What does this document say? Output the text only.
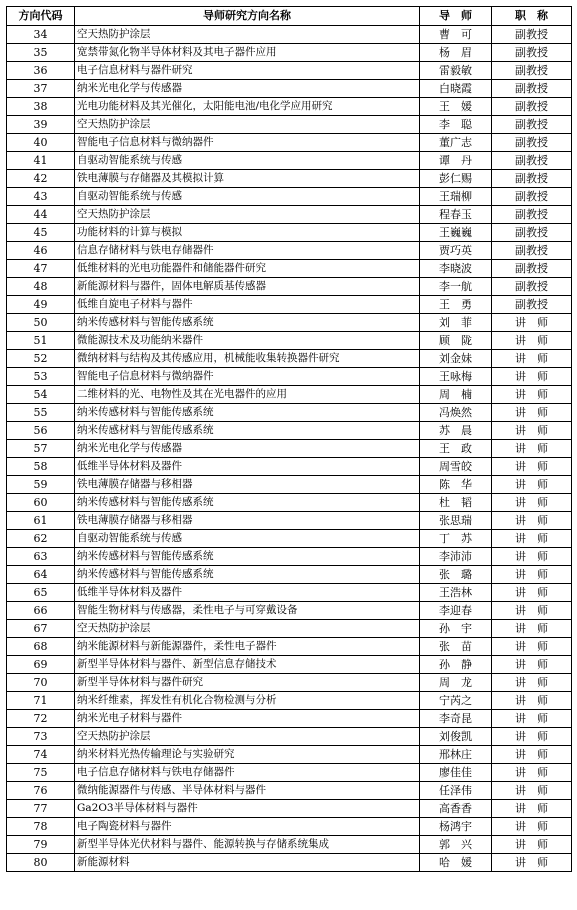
方向代码	导师研究方向名称	导　师	职　称
34	空天热防护涂层	曹　可	副教授
35	宽禁带氮化物半导体材料及其电子器件应用	杨　眉	副教授
36	电子信息材料与器件研究	雷毅敏	副教授
37	纳米光电化学与传感器	白晓霞	副教授
38	光电功能材料及其光催化，太阳能电池/电化学应用研究	王　媛	副教授
39	空天热防护涂层	李　聪	副教授
40	智能电子信息材料与微纳器件	董广志	副教授
41	自驱动智能系统与传感	谭　丹	副教授
42	铁电薄膜与存储器及其模拟计算	彭仁赐	副教授
43	自驱动智能系统与传感	王瑞柳	副教授
44	空天热防护涂层	程春玉	副教授
45	功能材料的计算与模拟	王巍巍	副教授
46	信息存储材料与铁电存储器件	贾巧英	副教授
47	低维材料的光电功能器件和储能器件研究	李晓波	副教授
48	新能源材料与器件，固体电解质基传感器	李一航	副教授
49	低维自旋电子材料与器件	王　勇	副教授
50	纳米传感材料与智能传感系统	刘　菲	讲　师
51	微能源技术及功能纳米器件	顾　陇	讲　师
52	微纳材料与结构及其传感应用，机械能收集转换器件研究	刘金妹	讲　师
53	智能电子信息材料与微纳器件	王咏梅	讲　师
54	二维材料的光、电物性及其在光电器件的应用	周　楠	讲　师
55	纳米传感材料与智能传感系统	冯焕然	讲　师
56	纳米传感材料与智能传感系统	苏　晨	讲　师
57	纳米光电化学与传感器	王　政	讲　师
58	低维半导体材料及器件	周雪皎	讲　师
59	铁电薄膜存储器与移相器	陈　华	讲　师
60	纳米传感材料与智能传感系统	杜　韬	讲　师
61	铁电薄膜存储器与移相器	张思瑞	讲　师
62	自驱动智能系统与传感	丁　苏	讲　师
63	纳米传感材料与智能传感系统	李沛沛	讲　师
64	纳米传感材料与智能传感系统	张　璐	讲　师
65	低维半导体材料及器件	王浩林	讲　师
66	智能生物材料与传感器，柔性电子与可穿戴设备	李迎春	讲　师
67	空天热防护涂层	孙　宇	讲　师
68	纳米能源材料与新能源器件，柔性电子器件	张　苗	讲　师
69	新型半导体材料与器件、新型信息存储技术	孙　静	讲　师
70	新型半导体材料与器件研究	周　龙	讲　师
71	纳米纤维素，挥发性有机化合物检测与分析	宁芮之	讲　师
72	纳米光电子材料与器件	李奇昆	讲　师
73	空天热防护涂层	刘俊凯	讲　师
74	纳米材料光热传输理论与实验研究	邢林庄	讲　师
75	电子信息存储材料与铁电存储器件	廖佳佳	讲　师
76	微纳能源器件与传感、半导体材料与器件	任泽伟	讲　师
77	Ga2O3半导体材料与器件	高香香	讲　师
78	电子陶瓷材料与器件	杨鸿宇	讲　师
79	新型半导体光伏材料与器件、能源转换与存储系统集成	郭　兴	讲　师
80	新能源材料	哈　媛	讲　师
